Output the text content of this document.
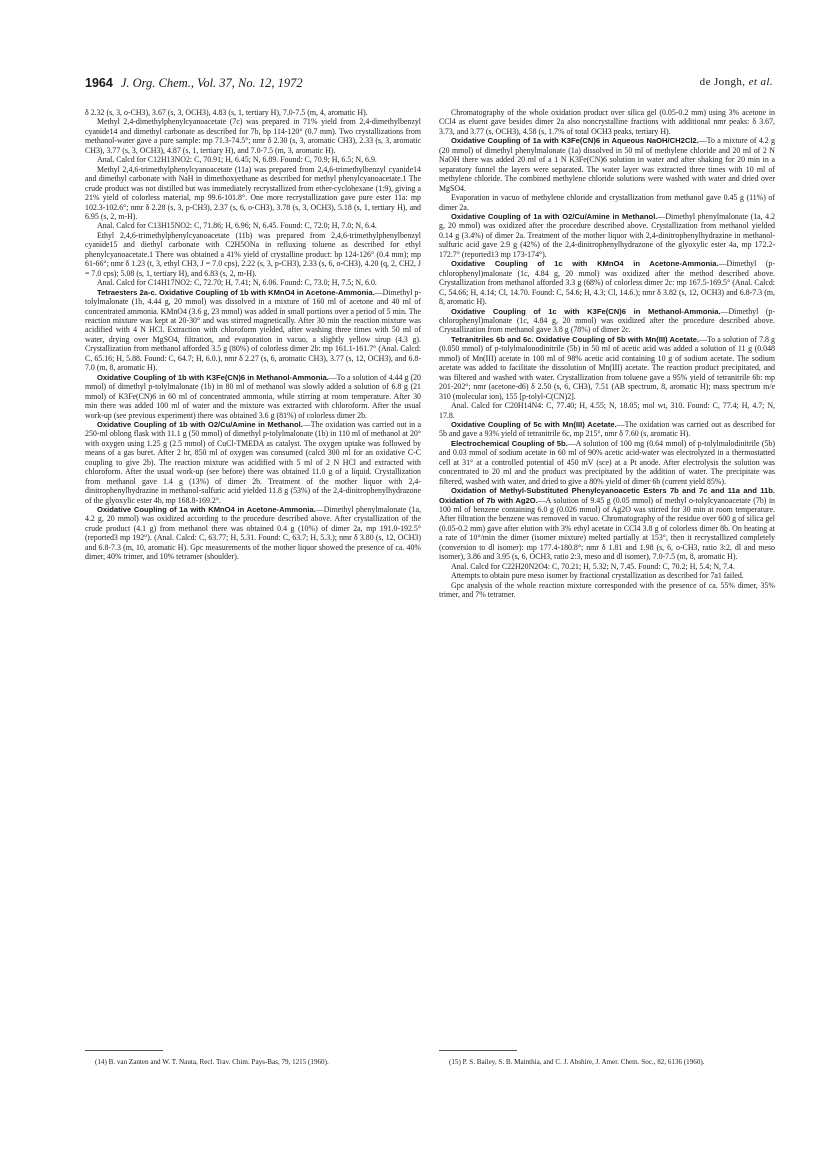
1964 J. Org. Chem., Vol. 37, No. 12, 1972	de Jongh, et al.

δ 2.32 (s, 3, o-CH3), 3.67 (s, 3, OCH3), 4.83 (s, 1, tertiary H), 7.0-7.5 (m, 4, aromatic H).

Methyl 2,4-dimethylphenylcyanoacetate (7c) was prepared in 71% yield from 2,4-dimethylbenzyl cyanide14 and dimethyl carbonate as described for 7b, bp 114-120° (0.7 mm). Two crystallizations from methanol-water gave a pure sample: mp 71.3-74.5°; nmr δ 2.30 (s, 3, aromatic CH3), 2.33 (s, 3, aromatic CH3), 3.77 (s, 3, OCH3), 4.87 (s, 1, tertiary H), and 7.0-7.5 (m, 3, aromatic H).

Anal. Calcd for C12H13NO2: C, 70.91; H, 6.45; N, 6.89. Found: C, 70.9; H, 6.5; N, 6.9.

Methyl 2,4,6-trimethylphenylcyanoacetate (11a) was prepared from 2,4,6-trimethylbenzyl cyanide14 and dimethyl carbonate with NaH in dimethoxyethane as described for methyl phenylcyanoacetate.1 The crude product was not distilled but was immediately recrystallized from ether-cyclohexane (1:9), giving a 21% yield of colorless material, mp 99.6-101.8°. One more recrystallization gave pure ester 11a: mp 102.3-102.6°; nmr δ 2.28 (s, 3, p-CH3), 2.37 (s, 6, o-CH3), 3.78 (s, 3, OCH3), 5.18 (s, 1, tertiary H), and 6.95 (s, 2, m-H).

Anal. Calcd for C13H15NO2: C, 71.86; H, 6.96; N, 6.45. Found: C, 72.0; H, 7.0; N, 6.4.

Ethyl 2,4,6-trimethylphenylcyanoacetate (11b) was prepared from 2,4,6-trimethylphenylbenzyl cyanide15 and diethyl carbonate with C2H5ONa in refluxing toluene as described for ethyl phenylcyanoacetate.1 There was obtained a 41% yield of crystalline product: bp 124-126° (0.4 mm); mp 61-66°; nmr δ 1.23 (t, 3, ethyl CH3, J = 7.0 cps), 2.22 (s, 3, p-CH3), 2.33 (s, 6, o-CH3), 4.20 (q, 2, CH2, J = 7.0 cps); 5.08 (s, 1, tertiary H), and 6.83 (s, 2, m-H).

Anal. Calcd for C14H17NO2: C, 72.70; H, 7.41; N, 6.06. Found: C, 73.0; H, 7.5; N, 6.0.

Tetraesters 2a-c. Oxidative Coupling of 1b with KMnO4 in Acetone-Ammonia.—Dimethyl p-tolylmalonate (1b, 4.44 g, 20 mmol) was dissolved in a mixture of 160 ml of acetone and 40 ml of concentrated ammonia. KMnO4 (3.6 g, 23 mmol) was added in small portions over a period of 5 min. The reaction mixture was kept at 20-30° and was stirred magnetically. After 30 min the reaction mixture was acidified with 4 N HCl. Extraction with chloroform yielded, after washing three times with 50 ml of water, drying over MgSO4, filtration, and evaporation in vacuo, a slightly yellow sirup (4.3 g). Crystallization from methanol afforded 3.5 g (80%) of colorless dimer 2b: mp 161.1-161.7° (Anal. Calcd: C, 65.16; H, 5.88. Found: C, 64.7; H, 6.0.), nmr δ 2.27 (s, 6, aromatic CH3), 3.77 (s, 12, OCH3), and 6.8-7.0 (m, 8, aromatic H).

Oxidative Coupling of 1b with K3Fe(CN)6 in Methanol-Ammonia.—To a solution of 4.44 g (20 mmol) of dimethyl p-tolylmalonate (1b) in 80 ml of methanol was slowly added a solution of 6.8 g (21 mmol) of K3Fe(CN)6 in 60 ml of concentrated ammonia, while stirring at room temperature. After 30 min there was added 100 ml of water and the mixture was extracted with chloroform. After the usual work-up (see previous experiment) there was obtained 3.6 g (81%) of colorless dimer 2b.

Oxidative Coupling of 1b with O2/Cu/Amine in Methanol.—The oxidation was carried out in a 250-ml oblong flask with 11.1 g (50 mmol) of dimethyl p-tolylmalonate (1b) in 110 ml of methanol at 20° with oxygen using 1.25 g (2.5 mmol) of CuCl-TMEDA as catalyst. The oxygen uptake was followed by means of a gas buret. After 2 hr, 850 ml of oxygen was consumed (calcd 300 ml for an oxidative C-C coupling to give 2b). The reaction mixture was acidified with 5 ml of 2 N HCl and extracted with chloroform. After the usual work-up (see before) there was obtained 11.0 g of a liquid. Crystallization from methanol gave 1.4 g (13%) of dimer 2b. Treatment of the mother liquor with 2,4-dinitrophenylhydrazine in methanol-sulfuric acid yielded 11.8 g (53%) of the 2,4-dinitrophenylhydrazone of the glyoxylic ester 4b, mp 168.8-169.2°.

Oxidative Coupling of 1a with KMnO4 in Acetone-Ammonia.—Dimethyl phenylmalonate (1a, 4.2 g, 20 mmol) was oxidized according to the procedure described above. After crystallization of the crude product (4.1 g) from methanol there was obtained 0.4 g (10%) of dimer 2a, mp 191.0-192.5° (reported3 mp 192°). (Anal. Calcd: C, 63.77; H, 5.31. Found: C, 63.7; H, 5.3.); nmr δ 3.80 (s, 12, OCH3) and 6.8-7.3 (m, 10, aromatic H). Gpc measurements of the mother liquor showed the presence of ca. 40% dimer, 40% trimer, and 10% tetramer (shoulder).

Chromatography of the whole oxidation product over silica gel (0.05-0.2 mm) using 3% acetone in CCl4 as eluent gave besides dimer 2a also noncrystalline fractions with additional nmr peaks: δ 3.67, 3.73, and 3.77 (s, OCH3), 4.58 (s, 1.7% of total OCH3 peaks, tertiary H).

Oxidative Coupling of 1a with K3Fe(CN)6 in Aqueous NaOH/CH2Cl2.—To a mixture of 4.2 g (20 mmol) of dimethyl phenylmalonate (1a) dissolved in 50 ml of methylene chloride and 20 ml of 2 N NaOH there was added 20 ml of a 1 N K3Fe(CN)6 solution in water and after shaking for 20 min in a separatory funnel the layers were separated. The water layer was extracted three times with 10 ml of methylene chloride. The combined methylene chloride solutions were washed with water and dried over MgSO4.

Evaporation in vacuo of methylene chloride and crystallization from methanol gave 0.45 g (11%) of dimer 2a.

Oxidative Coupling of 1a with O2/Cu/Amine in Methanol.—Dimethyl phenylmalonate (1a, 4.2 g, 20 mmol) was oxidized after the procedure described above. Crystallization from methanol yielded 0.14 g (3.4%) of dimer 2a. Treatment of the mother liquor with 2,4-dinitrophenylhydrazine in methanol-sulfuric acid gave 2.9 g (42%) of the 2,4-dinitrophenylhydrazone of the glyoxylic ester 4a, mp 172.2-172.7° (reported13 mp 173-174°).

Oxidative Coupling of 1c with KMnO4 in Acetone-Ammonia.—Dimethyl (p-chlorophenyl)malonate (1c, 4.84 g, 20 mmol) was oxidized after the method described above. Crystallization from methanol afforded 3.3 g (68%) of colorless dimer 2c: mp 167.5-169.5° (Anal. Calcd: C, 54.66; H, 4.14; Cl, 14.70. Found: C, 54.6; H, 4.3; Cl, 14.6.); nmr δ 3.82 (s, 12, OCH3) and 6.8-7.3 (m, 8, aromatic H).

Oxidative Coupling of 1c with K3Fe(CN)6 in Methanol-Ammonia.—Dimethyl (p-chlorophenyl)malonate (1c, 4.84 g, 20 mmol) was oxidized after the procedure described above. Crystallization from methanol gave 3.8 g (78%) of dimer 2c.

Tetranitriles 6b and 6c. Oxidative Coupling of 5b with Mn(III) Acetate.—To a solution of 7.8 g (0.050 mmol) of p-tolylmalonodinitrile (5b) in 50 ml of acetic acid was added a solution of 11 g (0.048 mmol) of Mn(III) acetate in 100 ml of 98% acetic acid containing 10 g of sodium acetate. The sodium acetate was added to facilitate the dissolution of Mn(III) acetate. The reaction product precipitated, and was filtered and washed with water. Crystallization from toluene gave a 95% yield of tetranitrile 6b: mp 201-202°; nmr (acetone-d6) δ 2.50 (s, 6, CH3), 7.51 (AB spectrum, 8, aromatic H); mass spectrum m/e 310 (molecular ion), 155 [p-tolyl-C(CN)2].

Anal. Calcd for C20H14N4: C, 77.40; H, 4.55; N, 18.05; mol wt, 310. Found: C, 77.4; H, 4.7; N, 17.8.

Oxidative Coupling of 5c with Mn(III) Acetate.—The oxidation was carried out as described for 5b and gave a 93% yield of tetranitrile 6c, mp 215°, nmr δ 7.60 (s, aromatic H).

Electrochemical Coupling of 5b.—A solution of 100 mg (0.64 mmol) of p-tolylmalodinitrile (5b) and 0.03 mmol of sodium acetate in 60 ml of 90% acetic acid-water was electrolyzed in a thermostatted cell at 31° at a controlled potential of 450 mV (sce) at a Pt anode. After electrolysis the solution was concentrated to 20 ml and the product was precipitated by the addition of water. The precipitate was filtered, washed with water, and dried to give a 80% yield of dimer 6b (current yield 85%).

Oxidation of Methyl-Substituted Phenylcyanoacetic Esters 7b and 7c and 11a and 11b. Oxidation of 7b with Ag2O.—A solution of 9.45 g (0.05 mmol) of methyl o-tolylcyanoacetate (7b) in 100 ml of benzene containing 6.0 g (0.026 mmol) of Ag2O was stirred for 30 min at room temperature. After filtration the benzene was removed in vacuo. Chromatography of the residue over 600 g of silica gel (0.05-0.2 mm) gave after elution with 3% ethyl acetate in CCl4 3.8 g of colorless dimer 8b. On heating at a rate of 10°/min the dimer (isomer mixture) melted partially at 153°, then it recrystallized completely (conversion to dl isomer): mp 177.4-180.8°; nmr δ 1.81 and 1.98 (s, 6, o-CH3, ratio 3:2, dl and meso isomer), 3.86 and 3.95 (s, 6, OCH3, ratio 2:3, meso and dl isomer), 7.0-7.5 (m, 8, aromatic H).

Anal. Calcd for C22H20N2O4: C, 70.21; H, 5.32; N, 7.45. Found: C, 70.2; H, 5.4; N, 7.4.

Attempts to obtain pure meso isomer by fractional crystallization as described for 7a1 failed.

Gpc analysis of the whole reaction mixture corresponded with the presence of ca. 55% dimer, 35% trimer, and 7% tetramer.

(14) B. van Zanten and W. T. Nauta, Recl. Trav. Chim. Pays-Bas, 79, 1215 (1960).	(15) P. S. Bailey, S. B. Mainthia, and C. J. Abshire, J. Amer. Chem. Soc., 82, 6136 (1960).
